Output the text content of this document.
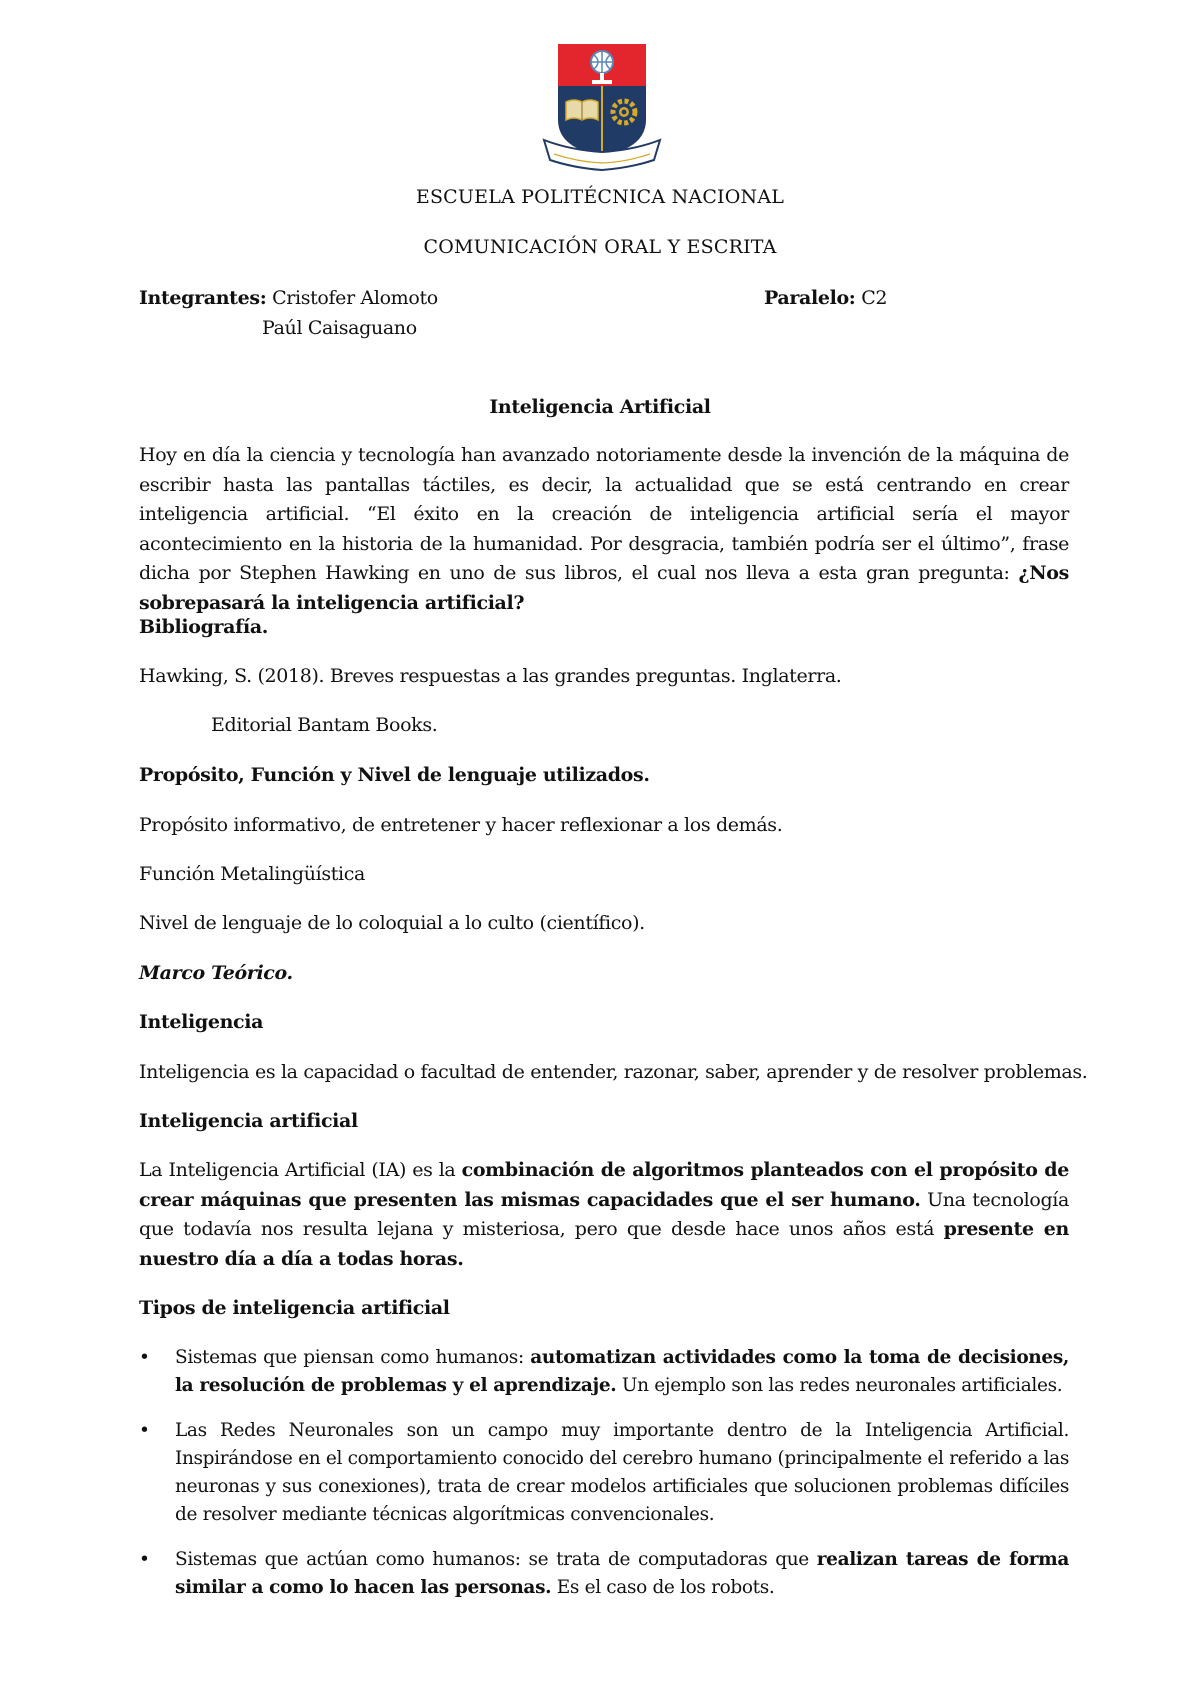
ESCUELA POLITÉCNICA NACIONAL
COMUNICACIÓN ORAL Y ESCRITA
Integrantes: Cristofer Alomoto
Paúl Caisaguano
Paralelo: C2
Inteligencia Artificial

Hoy en día la ciencia y tecnología han avanzado notoriamente desde la invención de la máquina de escribir hasta las pantallas táctiles, es decir, la actualidad que se está centrando en crear inteligencia artificial. “El éxito en la creación de inteligencia artificial sería el mayor acontecimiento en la historia de la humanidad. Por desgracia, también podría ser el último”, frase dicha por Stephen Hawking en uno de sus libros, el cual nos lleva a esta gran pregunta: ¿Nos sobrepasará la inteligencia artificial?

Bibliografía.
Hawking, S. (2018). Breves respuestas a las grandes preguntas. Inglaterra.
Editorial Bantam Books.
Propósito, Función y Nivel de lenguaje utilizados.
Propósito informativo, de entretener y hacer reflexionar a los demás.
Función Metalingüística
Nivel de lenguaje de lo coloquial a lo culto (científico).
Marco Teórico.
Inteligencia
Inteligencia es la capacidad o facultad de entender, razonar, saber, aprender y de resolver problemas.
Inteligencia artificial

La Inteligencia Artificial (IA) es la combinación de algoritmos planteados con el propósito de crear máquinas que presenten las mismas capacidades que el ser humano. Una tecnología que todavía nos resulta lejana y misteriosa, pero que desde hace unos años está presente en nuestro día a día a todas horas.

Tipos de inteligencia artificial
• Sistemas que piensan como humanos: automatizan actividades como la toma de decisiones, la resolución de problemas y el aprendizaje. Un ejemplo son las redes neuronales artificiales.
• Las Redes Neuronales son un campo muy importante dentro de la Inteligencia Artificial. Inspirándose en el comportamiento conocido del cerebro humano (principalmente el referido a las neuronas y sus conexiones), trata de crear modelos artificiales que solucionen problemas difíciles de resolver mediante técnicas algorítmicas convencionales.
• Sistemas que actúan como humanos: se trata de computadoras que realizan tareas de forma similar a como lo hacen las personas. Es el caso de los robots.
